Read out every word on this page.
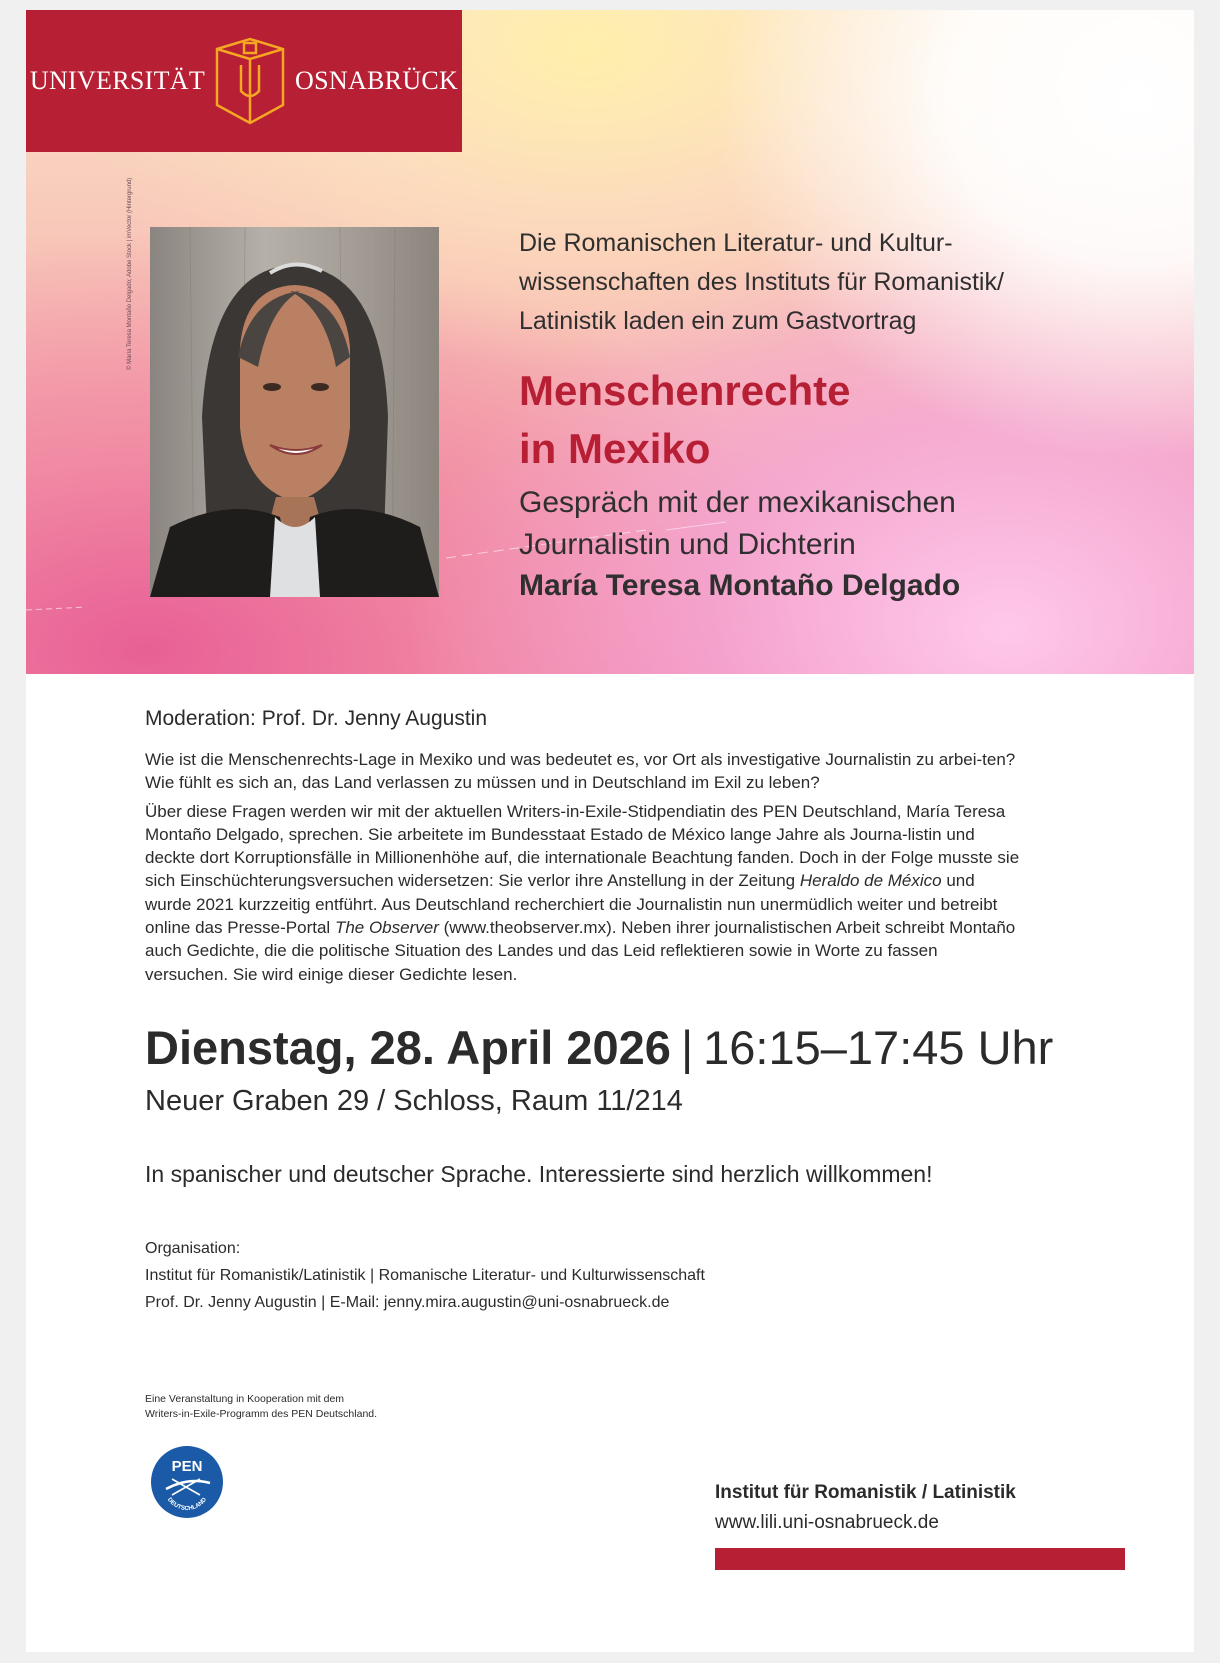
UNIVERSITÄT	OSNABRÜCK
© María Teresa Montaño Delgado; Adobe Stock | imVector (Hintergrund)	Die Romanischen Literatur- und Kultur-
wissenschaften des Instituts für Romanistik/
Latinistik laden ein zum Gastvortrag
Menschenrechte
in Mexiko
Gespräch mit der mexikanischen
Journalistin und Dichterin
María Teresa Montaño Delgado
Moderation: Prof. Dr. Jenny Augustin

Wie ist die Menschenrechts-Lage in Mexiko und was bedeutet es, vor Ort als investigative Journalistin zu arbei-ten? Wie fühlt es sich an, das Land verlassen zu müssen und in Deutschland im Exil zu leben?

Über diese Fragen werden wir mit der aktuellen Writers-in-Exile-Stidpendiatin des PEN Deutschland, María Teresa Montaño Delgado, sprechen. Sie arbeitete im Bundesstaat Estado de México lange Jahre als Journa-listin und deckte dort Korruptionsfälle in Millionenhöhe auf, die internationale Beachtung fanden. Doch in der Folge musste sie sich Einschüchterungsversuchen widersetzen: Sie verlor ihre Anstellung in der Zeitung Heraldo de México und wurde 2021 kurzzeitig entführt. Aus Deutschland recherchiert die Journalistin nun unermüdlich weiter und betreibt online das Presse-Portal The Observer (www.theobserver.mx). Neben ihrer journalistischen Arbeit schreibt Montaño auch Gedichte, die die politische Situation des Landes und das Leid reflektieren sowie in Worte zu fassen versuchen. Sie wird einige dieser Gedichte lesen.

Dienstag, 28. April 2026 | 16:15–17:45 Uhr
Neuer Graben 29 / Schloss, Raum 11/214
In spanischer und deutscher Sprache. Interessierte sind herzlich willkommen!
Organisation:
Institut für Romanistik/Latinistik | Romanische Literatur- und Kulturwissenschaft
Prof. Dr. Jenny Augustin | E-Mail: jenny.mira.augustin@uni-osnabrueck.de
Eine Veranstaltung in Kooperation mit dem
Writers-in-Exile-Programm des PEN Deutschland.
PEN
DEUTSCHLAND	Institut für Romanistik / Latinistik
www.lili.uni-osnabrueck.de
